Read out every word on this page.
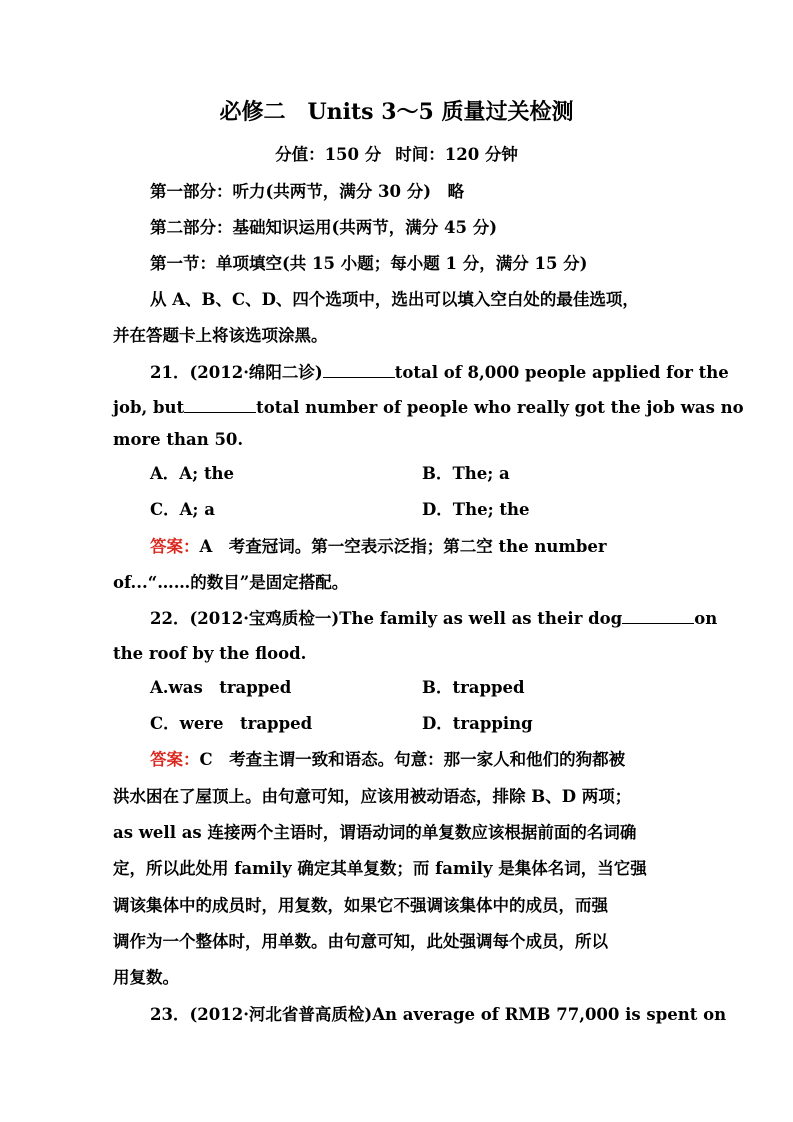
必修二　Units 3～5 质量过关检测
分值：150 分 时间：120 分钟
第一部分：听力(共两节，满分 30 分)　略
第二部分：基础知识运用(共两节，满分 45 分)
第一节：单项填空(共 15 小题；每小题 1 分，满分 15 分)
从 A、B、C、D、四个选项中，选出可以填入空白处的最佳选项，
并在答题卡上将该选项涂黑。
21．(2012·绵阳二诊)	total of 8,000 people applied for the
job, but	total number of people who really got the job was no
more than 50.
A．A; the	B．The; a
C．A; a	D．The; the
答案：A　考查冠词。第一空表示泛指；第二空 the number
of...“……的数目”是固定搭配。
22．(2012·宝鸡质检一)The family as well as their dog	on
the roof by the flood.
A.was　trapped	B．trapped
C．were　trapped	D．trapping
答案：C　考查主谓一致和语态。句意：那一家人和他们的狗都被
洪水困在了屋顶上。由句意可知，应该用被动语态，排除 B、D 两项；
as well as 连接两个主语时，谓语动词的单复数应该根据前面的名词确
定，所以此处用 family 确定其单复数；而 family 是集体名词，当它强
调该集体中的成员时，用复数，如果它不强调该集体中的成员，而强
调作为一个整体时，用单数。由句意可知，此处强调每个成员，所以
用复数。
23．(2012·河北省普高质检)An average of RMB 77,000 is spent on
